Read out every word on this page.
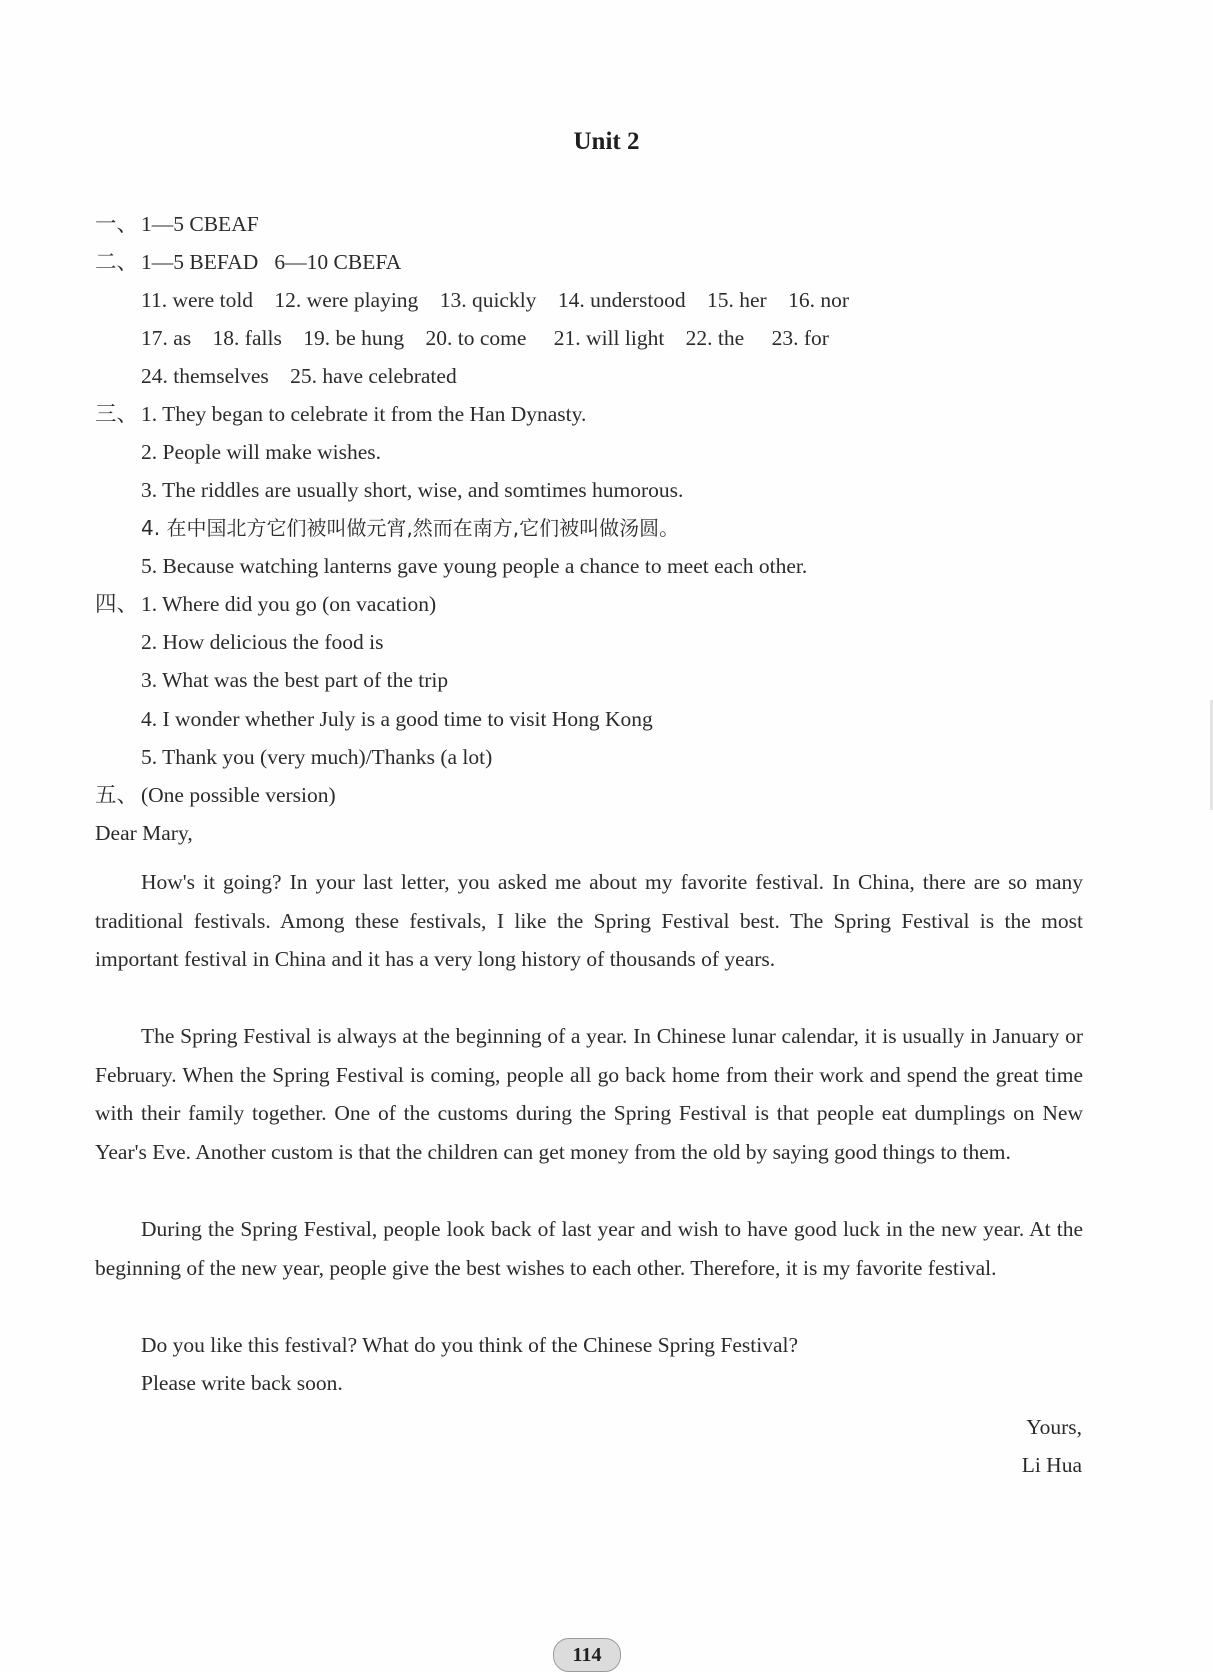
Unit 2
一、 1—5 CBEAF
二、 1—5 BEFAD   6—10 CBEFA
11. were told 12. were playing 13. quickly 14. understood 15. her 16. nor
17. as 18. falls 19. be hung 20. to come 21. will light 22. the 23. for
24. themselves 25. have celebrated
三、 1. They began to celebrate it from the Han Dynasty.
2. People will make wishes.
3. The riddles are usually short, wise, and somtimes humorous.
4. 在中国北方它们被叫做元宵,然而在南方,它们被叫做汤圆。
5. Because watching lanterns gave young people a chance to meet each other.
四、 1. Where did you go (on vacation)
2. How delicious the food is
3. What was the best part of the trip
4. I wonder whether July is a good time to visit Hong Kong
5. Thank you (very much)/Thanks (a lot)
五、 (One possible version)
Dear Mary,
How's it going? In your last letter, you asked me about my favorite festival. In China, there are so many traditional festivals. Among these festivals, I like the Spring Festival best. The Spring Festival is the most important festival in China and it has a very long history of thousands of years.
The Spring Festival is always at the beginning of a year. In Chinese lunar calendar, it is usually in January or February. When the Spring Festival is coming, people all go back home from their work and spend the great time with their family together. One of the customs during the Spring Festival is that people eat dumplings on New Year's Eve. Another custom is that the children can get money from the old by saying good things to them.
During the Spring Festival, people look back of last year and wish to have good luck in the new year. At the beginning of the new year, people give the best wishes to each other. Therefore, it is my favorite festival.
Do you like this festival? What do you think of the Chinese Spring Festival?
Please write back soon.
Yours,
Li Hua
114
